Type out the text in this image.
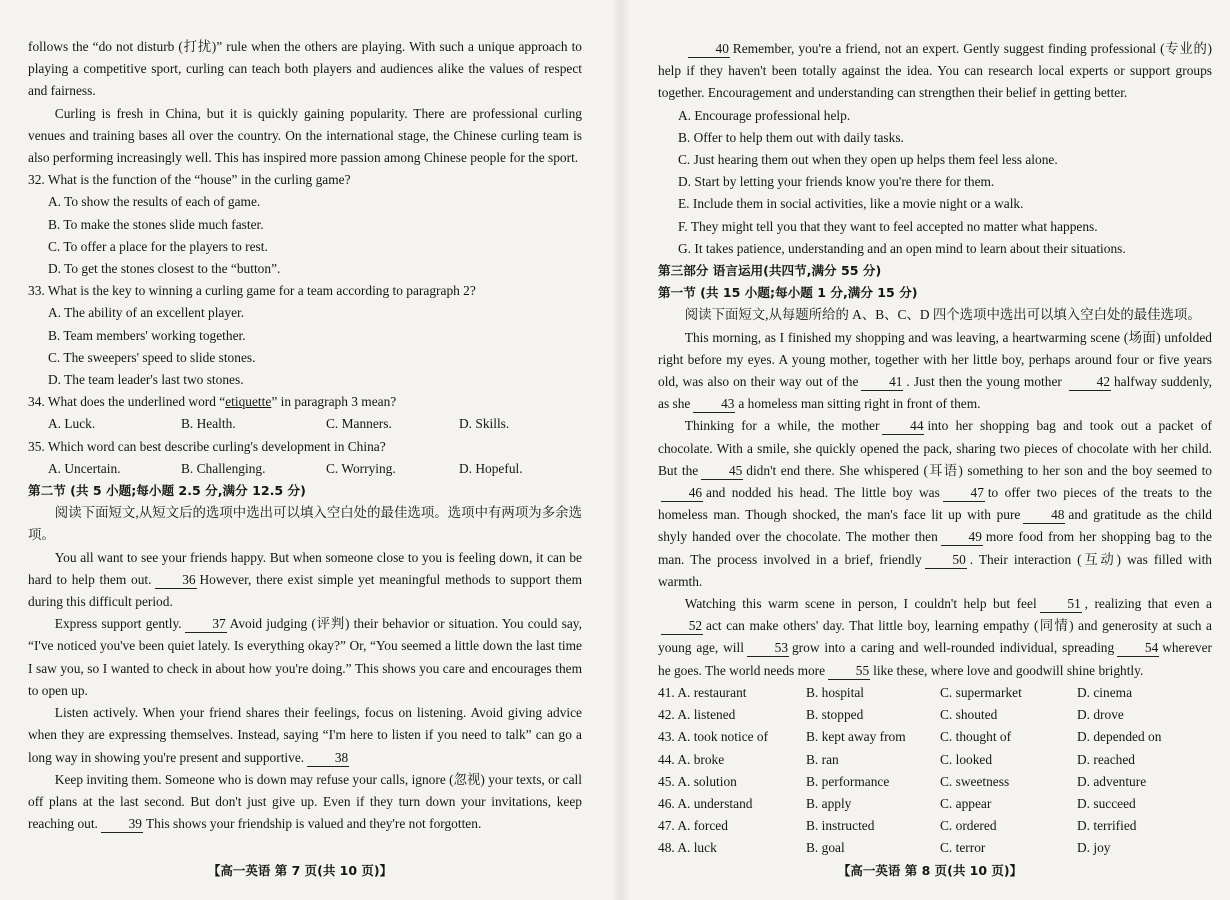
follows the “do not disturb (打扰)” rule when the others are playing. With such a unique approach to playing a competitive sport, curling can teach both players and audiences alike the values of respect and fairness.

Curling is fresh in China, but it is quickly gaining popularity. There are professional curling venues and training bases all over the country. On the international stage, the Chinese curling team is also performing increasingly well. This has inspired more passion among Chinese people for the sport.

32. What is the function of the “house” in the curling game?

A. To show the results of each of game.
B. To make the stones slide much faster.
C. To offer a place for the players to rest.
D. To get the stones closest to the “button”.

33. What is the key to winning a curling game for a team according to paragraph 2?

A. The ability of an excellent player.
B. Team members' working together.
C. The sweepers' speed to slide stones.
D. The team leader's last two stones.

34. What does the underlined word “etiquette” in paragraph 3 mean?

A. Luck.	B. Health.	C. Manners.	D. Skills.

35. Which word can best describe curling's development in China?

A. Uncertain.	B. Challenging.	C. Worrying.	D. Hopeful.

第二节 (共 5 小题;每小题 2.5 分,满分 12.5 分)

阅读下面短文,从短文后的选项中选出可以填入空白处的最佳选项。选项中有两项为多余选项。

You all want to see your friends happy. But when someone close to you is feeling down, it can be hard to help them out. 36 However, there exist simple yet meaningful methods to support them during this difficult period.

Express support gently. 37 Avoid judging (评判) their behavior or situation. You could say, “I've noticed you've been quiet lately. Is everything okay?” Or, “You seemed a little down the last time I saw you, so I wanted to check in about how you're doing.” This shows you care and encourages them to open up.

Listen actively. When your friend shares their feelings, focus on listening. Avoid giving advice when they are expressing themselves. Instead, saying “I'm here to listen if you need to talk” can go a long way in showing you're present and supportive. 38

Keep inviting them. Someone who is down may refuse your calls, ignore (忽视) your texts, or call off plans at the last second. But don't just give up. Even if they turn down your invitations, keep reaching out. 39 This shows your friendship is valued and they're not forgotten.

【高一英语 第 7 页(共 10 页)】

40 Remember, you're a friend, not an expert. Gently suggest finding professional (专业的) help if they haven't been totally against the idea. You can research local experts or support groups together. Encouragement and understanding can strengthen their belief in getting better.

A. Encourage professional help.
B. Offer to help them out with daily tasks.
C. Just hearing them out when they open up helps them feel less alone.
D. Start by letting your friends know you're there for them.
E. Include them in social activities, like a movie night or a walk.
F. They might tell you that they want to feel accepted no matter what happens.
G. It takes patience, understanding and an open mind to learn about their situations.

第三部分 语言运用(共四节,满分 55 分)

第一节 (共 15 小题;每小题 1 分,满分 15 分)

阅读下面短文,从每题所给的 A、B、C、D 四个选项中选出可以填入空白处的最佳选项。

This morning, as I finished my shopping and was leaving, a heartwarming scene (场面) unfolded right before my eyes. A young mother, together with her little boy, perhaps around four or five years old, was also on their way out of the 41 . Just then the young mother	42 halfway suddenly, as she 43 a homeless man sitting right in front of them.

Thinking for a while, the mother 44 into her shopping bag and took out a packet of chocolate. With a smile, she quickly opened the pack, sharing two pieces of chocolate with her child. But the 45 didn't end there. She whispered (耳语) something to her son and the boy seemed to46 and nodded his head. The little boy was 47 to offer two pieces of the treats to the homeless man. Though shocked, the man's face lit up with pure 48 and gratitude as the child shyly handed over the chocolate. The mother then 49 more food from her shopping bag to the man. The process involved in a brief, friendly 50 . Their interaction (互动) was filled with warmth.

Watching this warm scene in person, I couldn't help but feel 51 , realizing that even a 52 act can make others' day. That little boy, learning empathy (同情) and generosity at such a young age, will 53 grow into a caring and well-rounded individual, spreading 54 wherever he goes. The world needs more 55 like these, where love and goodwill shine brightly.

41. A. restaurant	B. hospital	C. supermarket	D. cinema
42. A. listened	B. stopped	C. shouted	D. drove
43. A. took notice of	B. kept away from	C. thought of	D. depended on
44. A. broke	B. ran	C. looked	D. reached
45. A. solution	B. performance	C. sweetness	D. adventure
46. A. understand	B. apply	C. appear	D. succeed
47. A. forced	B. instructed	C. ordered	D. terrified
48. A. luck	B. goal	C. terror	D. joy
【高一英语 第 8 页(共 10 页)】
